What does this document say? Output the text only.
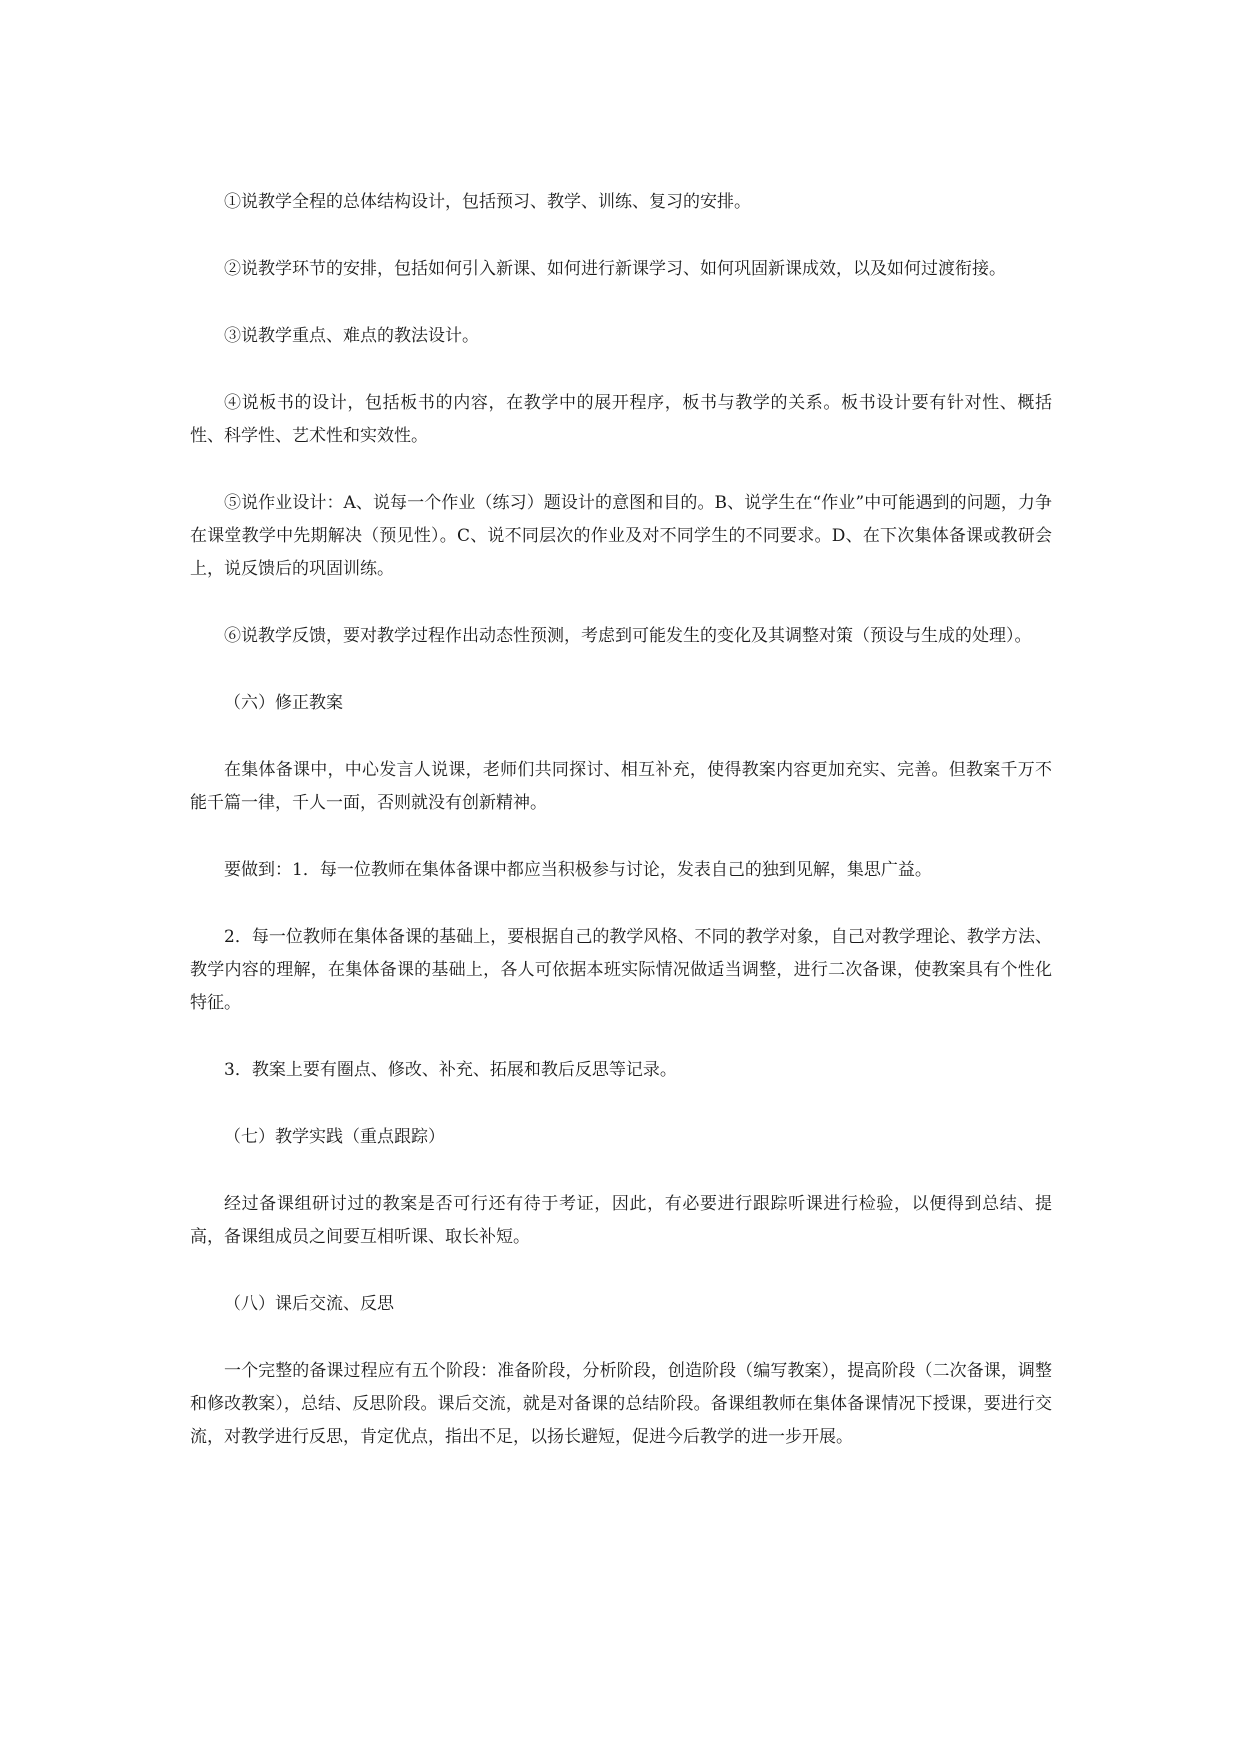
①说教学全程的总体结构设计，包括预习、教学、训练、复习的安排。

②说教学环节的安排，包括如何引入新课、如何进行新课学习、如何巩固新课成效，以及如何过渡衔接。

③说教学重点、难点的教法设计。

④说板书的设计，包括板书的内容，在教学中的展开程序，板书与教学的关系。板书设计要有针对性、概括性、科学性、艺术性和实效性。

⑤说作业设计：A、说每一个作业（练习）题设计的意图和目的。B、说学生在“作业”中可能遇到的问题，力争在课堂教学中先期解决（预见性）。C、说不同层次的作业及对不同学生的不同要求。D、在下次集体备课或教研会上，说反馈后的巩固训练。

⑥说教学反馈，要对教学过程作出动态性预测，考虑到可能发生的变化及其调整对策（预设与生成的处理）。

（六）修正教案

在集体备课中，中心发言人说课，老师们共同探讨、相互补充，使得教案内容更加充实、完善。但教案千万不能千篇一律，千人一面，否则就没有创新精神。

要做到：1．每一位教师在集体备课中都应当积极参与讨论，发表自己的独到见解，集思广益。

2．每一位教师在集体备课的基础上，要根据自己的教学风格、不同的教学对象，自己对教学理论、教学方法、教学内容的理解，在集体备课的基础上，各人可依据本班实际情况做适当调整，进行二次备课，使教案具有个性化特征。

3．教案上要有圈点、修改、补充、拓展和教后反思等记录。

（七）教学实践（重点跟踪）

经过备课组研讨过的教案是否可行还有待于考证，因此，有必要进行跟踪听课进行检验，以便得到总结、提高，备课组成员之间要互相听课、取长补短。

（八）课后交流、反思

一个完整的备课过程应有五个阶段：准备阶段，分析阶段，创造阶段（编写教案），提高阶段（二次备课，调整和修改教案），总结、反思阶段。课后交流，就是对备课的总结阶段。备课组教师在集体备课情况下授课，要进行交流，对教学进行反思，肯定优点，指出不足，以扬长避短，促进今后教学的进一步开展。
